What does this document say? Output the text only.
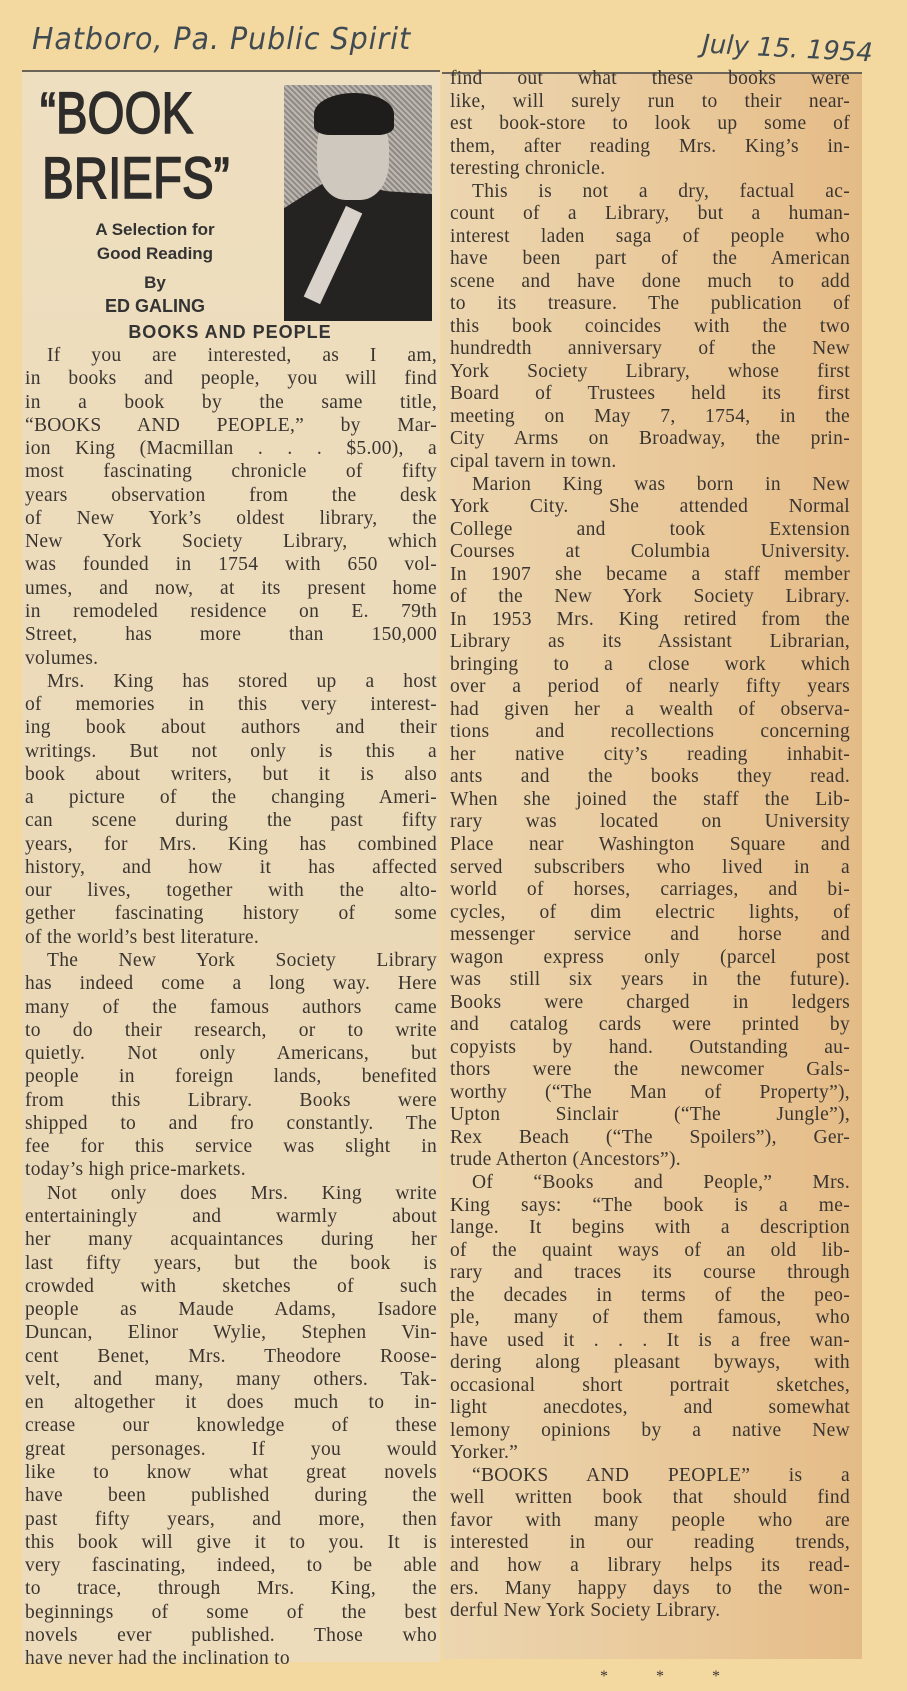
Hatboro, Pa. Public Spirit	July 15. 1954
“BOOK
BRIEFS”
A Selection for
Good Reading
By
ED GALING
BOOKS AND PEOPLE
If you are interested, as I am,
in books and people, you will find
in a book by the same title,
“BOOKS AND PEOPLE,” by Mar-
ion King (Macmillan . . . $5.00), a
most fascinating chronicle of fifty
years observation from the desk
of New York’s oldest library, the
New York Society Library, which
was founded in 1754 with 650 vol-
umes, and now, at its present home
in remodeled residence on E. 79th
Street, has more than 150,000
volumes.
Mrs. King has stored up a host
of memories in this very interest-
ing book about authors and their
writings. But not only is this a
book about writers, but it is also
a picture of the changing Ameri-
can scene during the past fifty
years, for Mrs. King has combined
history, and how it has affected
our lives, together with the alto-
gether fascinating history of some
of the world’s best literature.
The New York Society Library
has indeed come a long way. Here
many of the famous authors came
to do their research, or to write
quietly. Not only Americans, but
people in foreign lands, benefited
from this Library. Books were
shipped to and fro constantly. The
fee for this service was slight in
today’s high price-markets.
Not only does Mrs. King write
entertainingly and warmly about
her many acquaintances during her
last fifty years, but the book is
crowded with sketches of such
people as Maude Adams, Isadore
Duncan, Elinor Wylie, Stephen Vin-
cent Benet, Mrs. Theodore Roose-
velt, and many, many others. Tak-
en altogether it does much to in-
crease our knowledge of these
great personages. If you would
like to know what great novels
have been published during the
past fifty years, and more, then
this book will give it to you. It is
very fascinating, indeed, to be able
to trace, through Mrs. King, the
beginnings of some of the best
novels ever published. Those who
have never had the inclination to
find out what these books were
like, will surely run to their near-
est book-store to look up some of
them, after reading Mrs. King’s in-
teresting chronicle.
This is not a dry, factual ac-
count of a Library, but a human-
interest laden saga of people who
have been part of the American
scene and have done much to add
to its treasure. The publication of
this book coincides with the two
hundredth anniversary of the New
York Society Library, whose first
Board of Trustees held its first
meeting on May 7, 1754, in the
City Arms on Broadway, the prin-
cipal tavern in town.
Marion King was born in New
York City. She attended Normal
College and took Extension
Courses at Columbia University.
In 1907 she became a staff member
of the New York Society Library.
In 1953 Mrs. King retired from the
Library as its Assistant Librarian,
bringing to a close work which
over a period of nearly fifty years
had given her a wealth of observa-
tions and recollections concerning
her native city’s reading inhabit-
ants and the books they read.
When she joined the staff the Lib-
rary was located on University
Place near Washington Square and
served subscribers who lived in a
world of horses, carriages, and bi-
cycles, of dim electric lights, of
messenger service and horse and
wagon express only (parcel post
was still six years in the future).
Books were charged in ledgers
and catalog cards were printed by
copyists by hand. Outstanding au-
thors were the newcomer Gals-
worthy (“The Man of Property”),
Upton Sinclair (“The Jungle”),
Rex Beach (“The Spoilers”), Ger-
trude Atherton (Ancestors”).
Of “Books and People,” Mrs.
King says: “The book is a me-
lange. It begins with a description
of the quaint ways of an old lib-
rary and traces its course through
the decades in terms of the peo-
ple, many of them famous, who
have used it . . . It is a free wan-
dering along pleasant byways, with
occasional short portrait sketches,
light anecdotes, and somewhat
lemony opinions by a native New
Yorker.”
“BOOKS AND PEOPLE” is a
well written book that should find
favor with many people who are
interested in our reading trends,
and how a library helps its read-
ers. Many happy days to the won-
derful New York Society Library.
* * *
